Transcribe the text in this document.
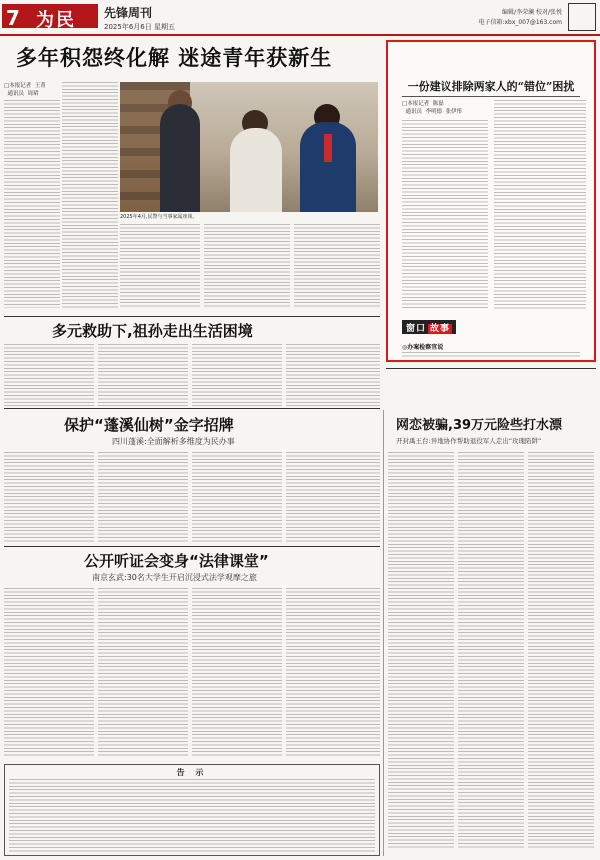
7 为民 先锋周刊
2025年6月6日 星期五
编辑/李荣澜 校对/张悦
电子信箱:xbx_007@163.com
多年积怨终化解 迷途青年获新生
□本报记者  王菁
通讯员  周珺
2025年4月,民警与当事家属座谈。
多元救助下,祖孙走出生活困境
一份建议排除两家人的“错位”困扰
□本报记者  陈磊
通讯员  李明德  张伊彤
窗口 故事
◎办案检察官说
保护“蓬溪仙树”金字招牌
四川蓬溪:全面解析多维度为民办事
网恋被骗,39万元险些打水漂
开封禹王台:异地协作帮助退役军人走出“玫瑰陷阱”
公开听证会变身“法律课堂”
南京玄武:30名大学生开启沉浸式法学观摩之旅
告 示
